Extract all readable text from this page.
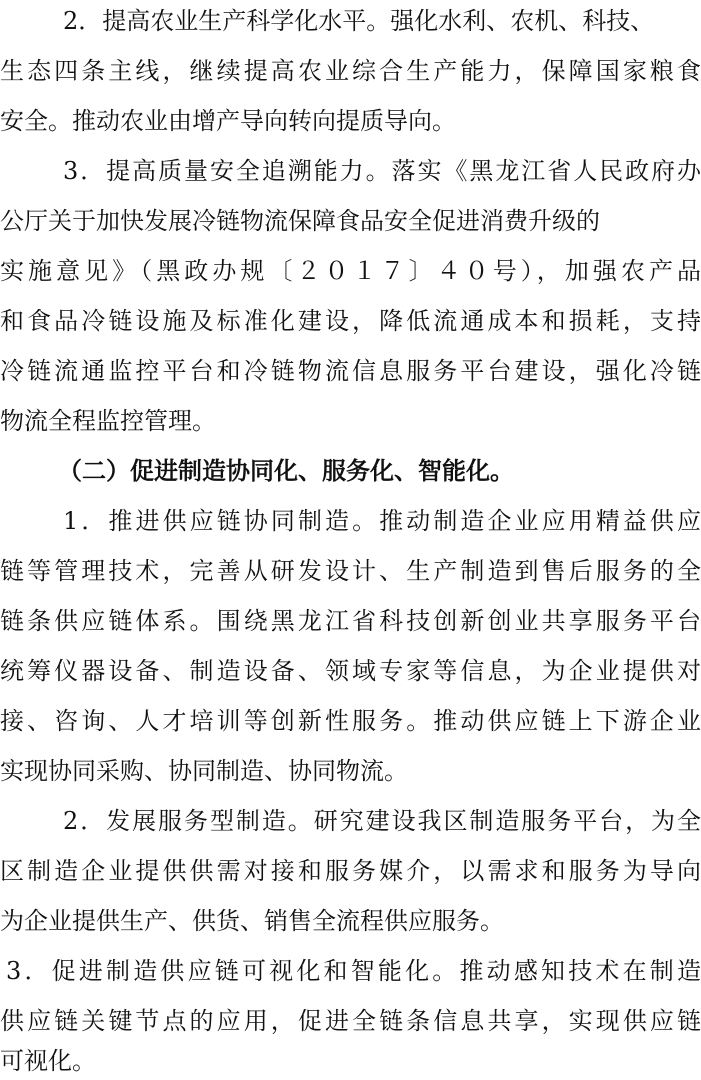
2．提高农业生产科学化水平。强化水利、农机、科技、
生态四条主线，继续提高农业综合生产能力，保障国家粮食
安全。推动农业由增产导向转向提质导向。
3．提高质量安全追溯能力。落实《黑龙江省人民政府办
公厅关于加快发展冷链物流保障食品安全促进消费升级的
实施意见》（黑政办规〔２０１７〕４０号），加强农产品
和食品冷链设施及标准化建设，降低流通成本和损耗，支持
冷链流通监控平台和冷链物流信息服务平台建设，强化冷链
物流全程监控管理。
（二）促进制造协同化、服务化、智能化。
1．推进供应链协同制造。推动制造企业应用精益供应
链等管理技术，完善从研发设计、生产制造到售后服务的全
链条供应链体系。围绕黑龙江省科技创新创业共享服务平台
统筹仪器设备、制造设备、领域专家等信息，为企业提供对
接、咨询、人才培训等创新性服务。推动供应链上下游企业
实现协同采购、协同制造、协同物流。
2．发展服务型制造。研究建设我区制造服务平台，为全
区制造企业提供供需对接和服务媒介，以需求和服务为导向
为企业提供生产、供货、销售全流程供应服务。
3．促进制造供应链可视化和智能化。推动感知技术在制造
供应链关键节点的应用，促进全链条信息共享，实现供应链
可视化。
